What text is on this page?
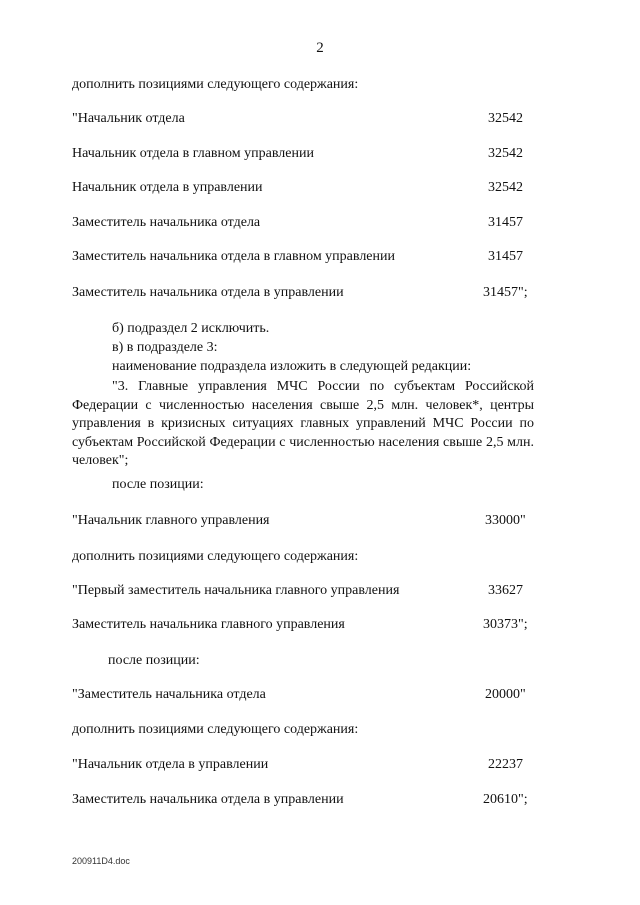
2
дополнить позициями следующего содержания:
"Начальник отдела	32542
Начальник отдела в главном управлении	32542
Начальник отдела в управлении	32542
Заместитель начальника отдела	31457
Заместитель начальника отдела в главном управлении	31457
Заместитель начальника отдела в управлении	31457";
б) подраздел 2 исключить.
в) в подразделе 3:
наименование подраздела изложить в следующей редакции:
"3. Главные управления МЧС России по субъектам Российской Федерации с численностью населения свыше 2,5 млн. человек*, центры управления в кризисных ситуациях главных управлений МЧС России по субъектам Российской Федерации с численностью населения свыше 2,5 млн. человек";
после позиции:
"Начальник главного управления	33000"
дополнить позициями следующего содержания:
"Первый заместитель начальника главного управления	33627
Заместитель начальника главного управления	30373";
после позиции:
"Заместитель начальника отдела	20000"
дополнить позициями следующего содержания:
"Начальник отдела в управлении	22237
Заместитель начальника отдела в управлении	20610";
200911D4.doc
